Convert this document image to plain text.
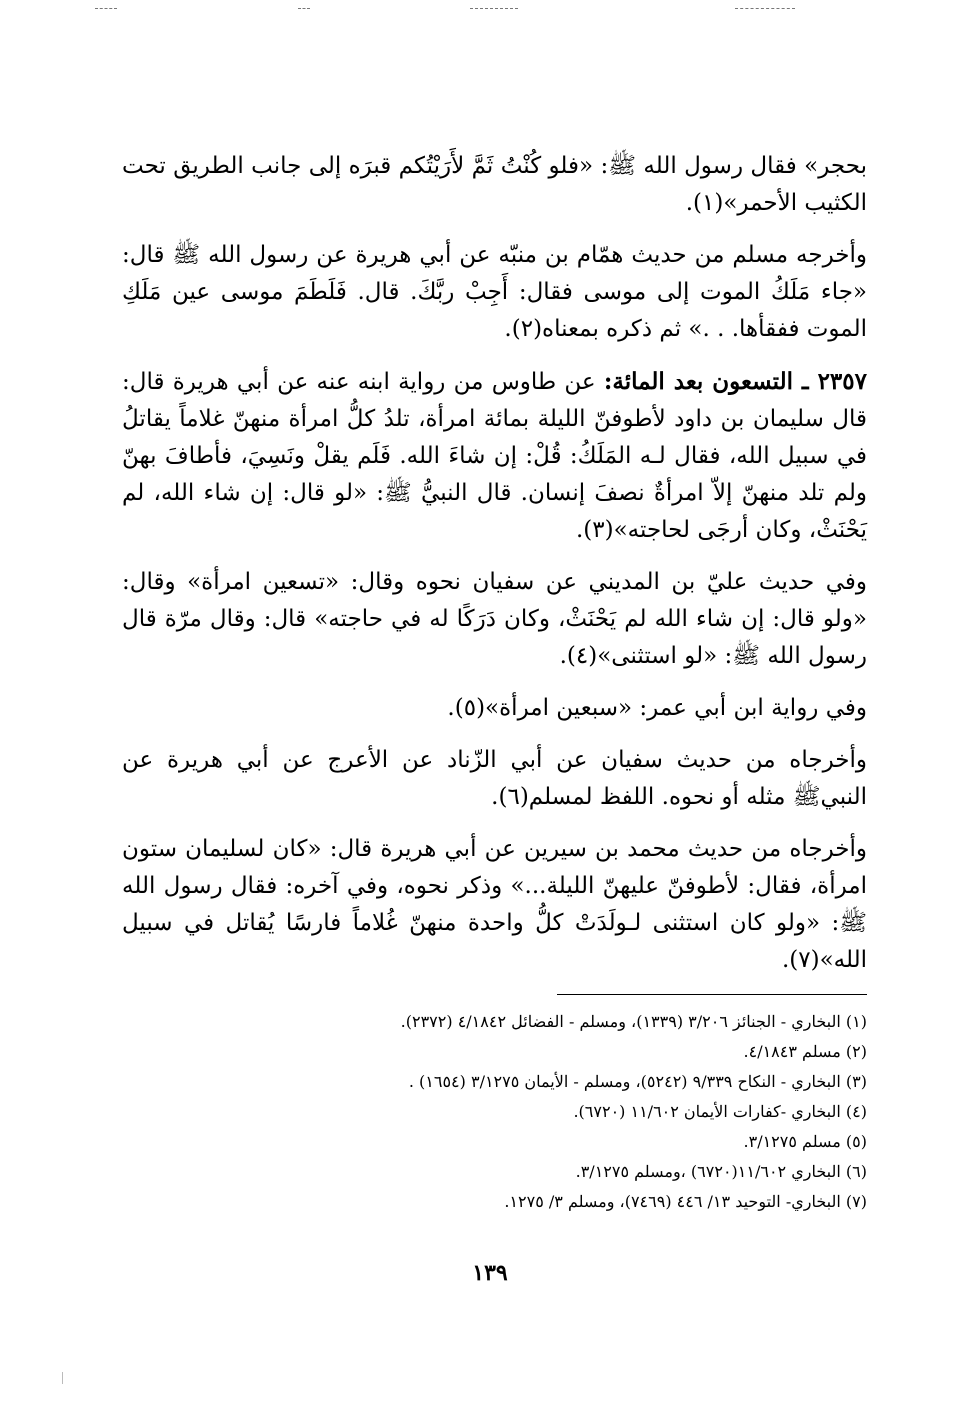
بحجر» فقال رسول الله ﷺ: «فلو كُنْتُ ثَمَّ لأَرَيْتُكم قبرَه إلى جانب الطريق تحت الكثيب الأحمر»(١).

وأخرجه مسلم من حديث همّام بن منبّه عن أبي هريرة عن رسول الله ﷺ قال: «جاء مَلَكُ الموت إلى موسى فقال: أَجِبْ ربَّكَ. قال. فَلَطَمَ موسى عين مَلَكِ الموت ففقأها. . .» ثم ذكره بمعناه(٢).

٢٣٥٧ ـ التسعون بعد المائة: عن طاوس من رواية ابنه عنه عن أبي هريرة قال: قال سليمان بن داود لأطوفنّ الليلة بمائة امرأة، تلدُ كلُّ امرأة منهنّ غلاماً يقاتلُ في سبيل الله، فقال لـه المَلَكُ: قُلْ: إن شاءَ الله. فَلَم يقلْ ونَسِيَ، فأطافَ بهنّ ولم تلد منهنّ إلاّ امرأةٌ نصفَ إنسان. قال النبيُّ ﷺ: «لو قال: إن شاء الله، لم يَحْنَثْ، وكان أرجَى لحاجته»(٣).

وفي حديث عليّ بن المديني عن سفيان نحوه وقال: «تسعين امرأة» وقال: «ولو قال: إن شاء الله لم يَحْنَثْ، وكان دَرَكًا له في حاجته» قال: وقال مرّة قال رسول الله ﷺ: «لو استثنى»(٤).

وفي رواية ابن أبي عمر: «سبعين امرأة»(٥).

وأخرجاه من حديث سفيان عن أبي الزّناد عن الأعرج عن أبي هريرة عن النبيﷺ مثله أو نحوه. اللفظ لمسلم(٦).

وأخرجاه من حديث محمد بن سيرين عن أبي هريرة قال: «كان لسليمان ستون امرأة، فقال: لأطوفنّ عليهنّ الليلة...» وذكر نحوه، وفي آخره: فقال رسول الله ﷺ: «ولو كان استثنى لـولَدَتْ كلُّ واحدة منهنّ غُلاماً فارسًا يُقاتل في سبيل الله»(٧).

(١) البخاري - الجنائز ٣/٢٠٦ (١٣٣٩)، ومسلم - الفضائل ٤/١٨٤٢ (٢٣٧٢).
(٢) مسلم ٤/١٨٤٣.
(٣) البخاري - النكاح ٩/٣٣٩ (٥٢٤٢)، ومسلم - الأيمان ٣/١٢٧٥ (١٦٥٤) .
(٤) البخاري -كفارات الأيمان ١١/٦٠٢ (٦٧٢٠).
(٥) مسلم ٣/١٢٧٥.
(٦) البخاري ١١/٦٠٢(٦٧٢٠) ،ومسلم ٣/١٢٧٥.
(٧) البخاري- التوحيد ١٣/ ٤٤٦ (٧٤٦٩)، ومسلم ٣/ ١٢٧٥.
١٣٩
